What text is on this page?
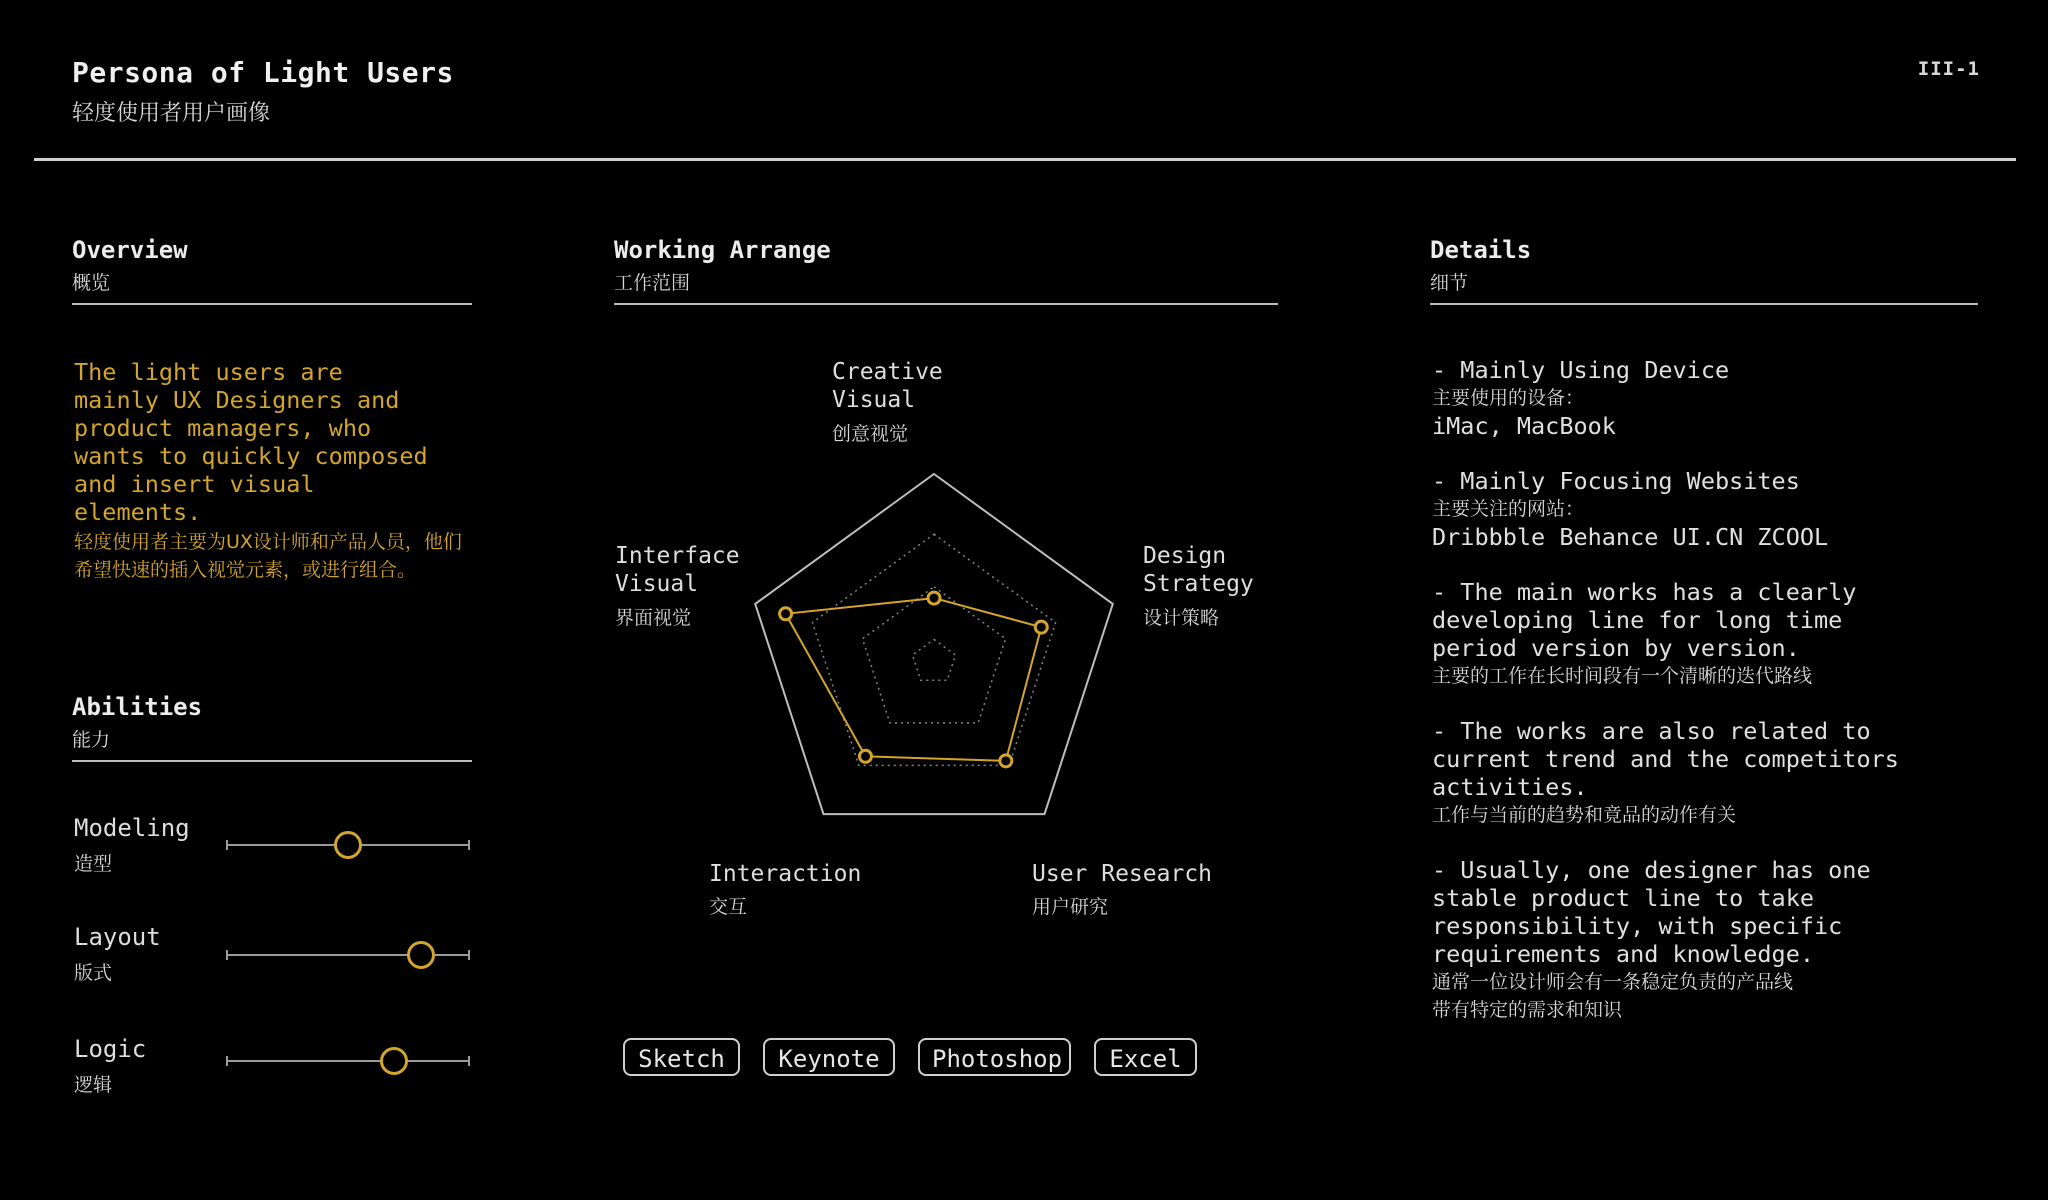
Persona of Light Users
轻度使用者用户画像
III-1
Overview
概览
The light users are
mainly UX Designers and
product managers, who
wants to quickly composed
and insert visual
elements.
轻度使用者主要为UX设计师和产品人员，他们希望快速的插入视觉元素，或进行组合。
Abilities
能力
Modeling
造型
Layout
版式
Logic
逻辑
Working Arrange
工作范围
Creative
Visual
创意视觉
Design
Strategy
设计策略
User Research
用户研究
Interaction
交互
Interface
Visual
界面视觉
Sketch	Keynote	Photoshop	Excel
Details
细节
- Mainly Using Device
主要使用的设备：
iMac, MacBook
- Mainly Focusing Websites
主要关注的网站：
Dribbble Behance UI.CN ZCOOL
- The main works has a clearly
developing line for long time
period version by version.
主要的工作在长时间段有一个清晰的迭代路线
- The works are also related to
current trend and the competitors
activities.
工作与当前的趋势和竟品的动作有关
- Usually, one designer has one
stable product line to take
responsibility, with specific
requirements and knowledge.
通常一位设计师会有一条稳定负责的产品线
带有特定的需求和知识
